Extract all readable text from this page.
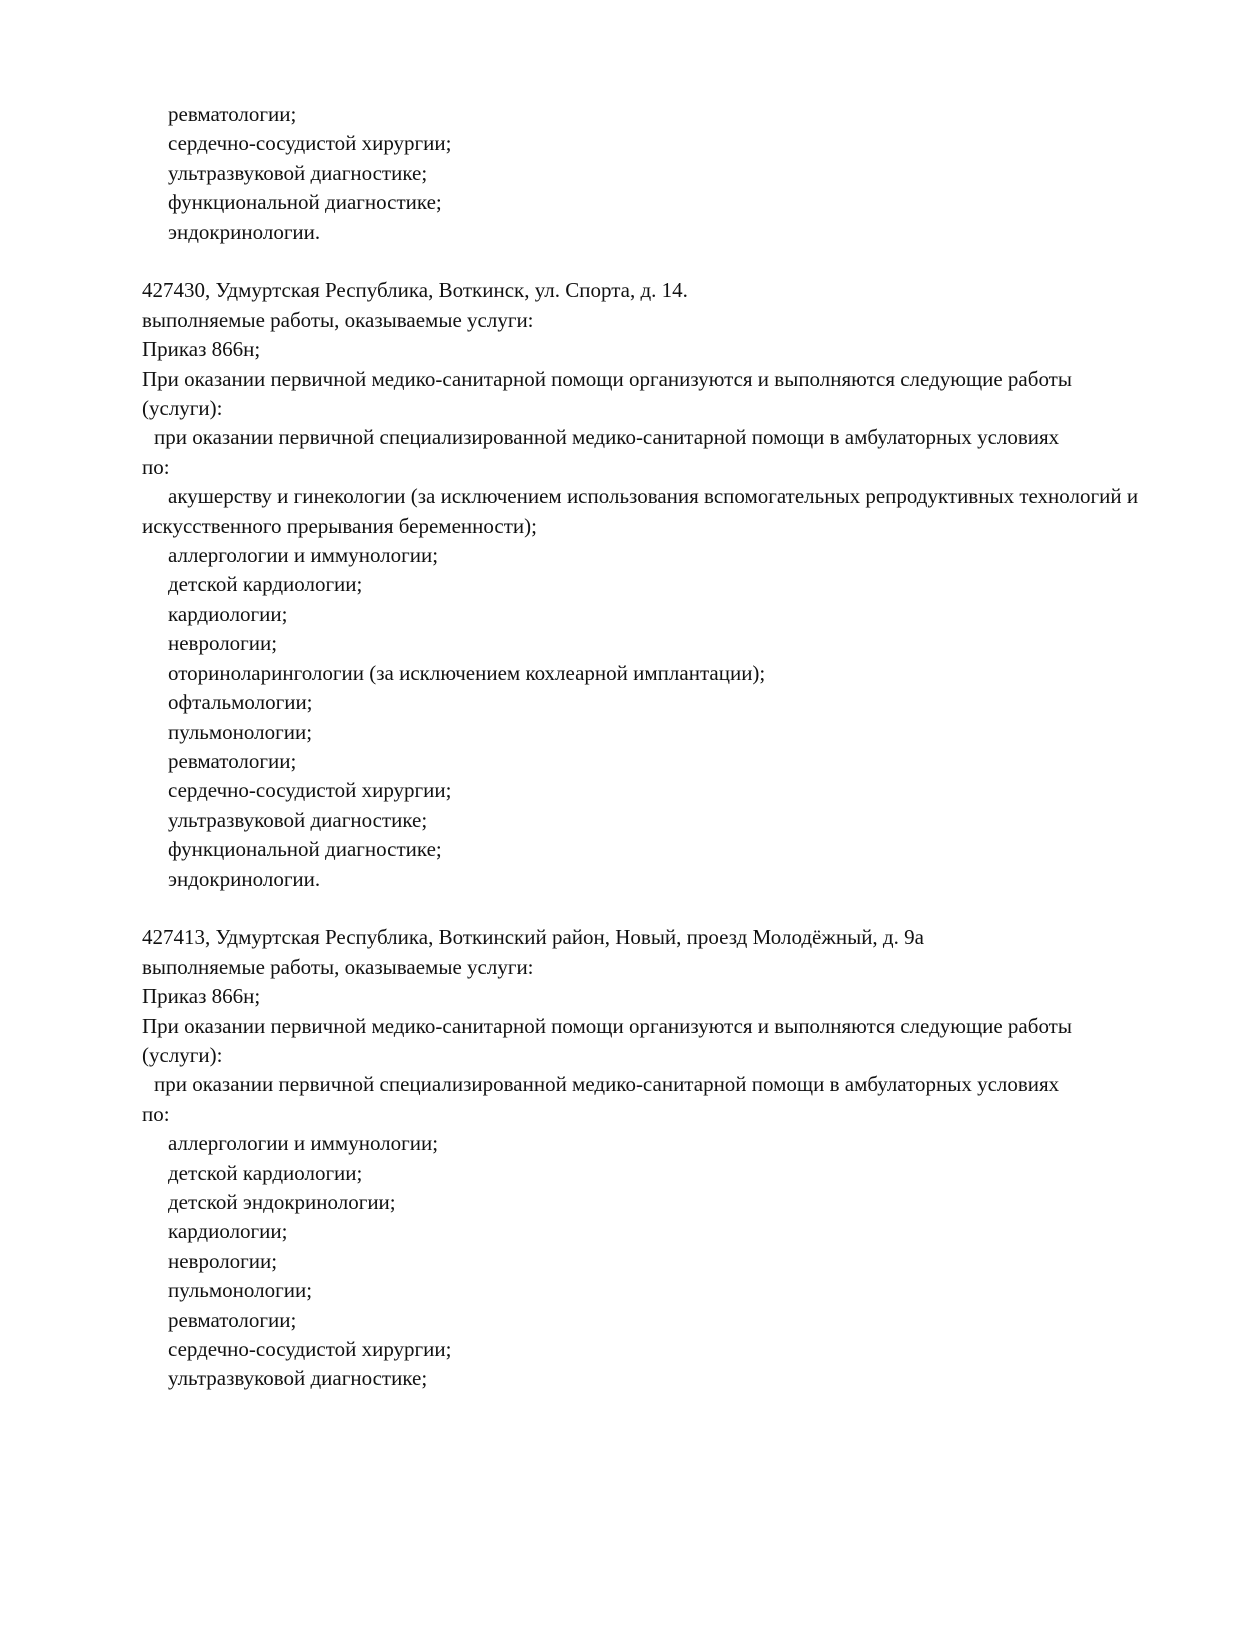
ревматологии;
сердечно-сосудистой хирургии;
ультразвуковой диагностике;
функциональной диагностике;
эндокринологии.
427430, Удмуртская Республика, Воткинск, ул. Спорта, д. 14.
выполняемые работы, оказываемые услуги:
Приказ 866н;
При оказании первичной медико-санитарной помощи организуются и выполняются следующие работы (услуги):
при оказании первичной специализированной медико-санитарной помощи в амбулаторных условиях по:
акушерству и гинекологии (за исключением использования вспомогательных репродуктивных технологий и искусственного прерывания беременности);
аллергологии и иммунологии;
детской кардиологии;
кардиологии;
неврологии;
оториноларингологии (за исключением кохлеарной имплантации);
офтальмологии;
пульмонологии;
ревматологии;
сердечно-сосудистой хирургии;
ультразвуковой диагностике;
функциональной диагностике;
эндокринологии.
427413, Удмуртская Республика, Воткинский район, Новый, проезд Молодёжный, д. 9а
выполняемые работы, оказываемые услуги:
Приказ 866н;
При оказании первичной медико-санитарной помощи организуются и выполняются следующие работы (услуги):
при оказании первичной специализированной медико-санитарной помощи в амбулаторных условиях по:
аллергологии и иммунологии;
детской кардиологии;
детской эндокринологии;
кардиологии;
неврологии;
пульмонологии;
ревматологии;
сердечно-сосудистой хирургии;
ультразвуковой диагностике;
